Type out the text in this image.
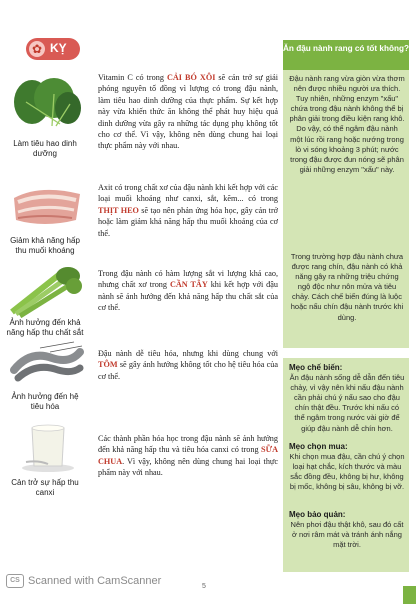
✿ KỴ
Làm tiêu hao dinh dưỡng
Vitamin C có trong CẢI BÓ XÔI sẽ cản trở sự giải phóng nguyên tố đồng vì lượng có trong đậu nành, làm tiêu hao dinh dưỡng của thực phẩm. Sự kết hợp này vừa khiến thức ăn không thể phát huy hiệu quả dinh dưỡng vừa gây ra những tác dụng phụ không tốt cho cơ thể. Vì vậy, không nên dùng chung hai loại thực phẩm này với nhau.
Giảm khả năng hấp thu muối khoáng
Axit có trong chất xơ của đậu nành khi kết hợp với các loại muối khoáng như canxi, sắt, kẽm... có trong THỊT HEO sẽ tạo nên phản ứng hóa học, gây cản trở hoặc làm giảm khả năng hấp thu muối khoáng của cơ thể.
Ảnh hưởng đến khả năng hấp thu chất sắt
Trong đậu nành có hàm lượng sắt vi lượng khá cao, nhưng chất xơ trong CẦN TÂY khi kết hợp với đậu nành sẽ ảnh hưởng đến khả năng hấp thu chất sắt của cơ thể.
Ảnh hưởng đến hệ tiêu hóa
Đậu nành dễ tiêu hóa, nhưng khi dùng chung với TÔM sẽ gây ảnh hưởng không tốt cho hệ tiêu hóa của cơ thể.
Cản trở sự hấp thu canxi
Các thành phần hóa học trong đậu nành sẽ ảnh hưởng đến khả năng hấp thu và tiêu hóa canxi có trong SỮA CHUA. Vì vậy, không nên dùng chung hai loại thực phẩm này với nhau.
Ăn đậu nành rang có tốt không?
Đậu nành rang vừa giòn vừa thơm nên được nhiều người ưa thích. Tuy nhiên, những enzym "xấu" chứa trong đậu nành không thể bị phân giải trong điều kiện rang khô. Do vậy, có thể ngâm đậu nành một lúc rồi rang hoặc nướng trong lò vi sóng khoảng 3 phút; nước trong đậu được đun nóng sẽ phân giải những enzym "xấu" này.
Trong trường hợp đậu nành chưa được rang chín, đậu nành có khả năng gây ra những triệu chứng ngộ độc như nôn mửa và tiêu chảy. Cách chế biến đúng là luộc hoặc nấu chín đậu nành trước khi dùng.
Mẹo chế biến:
Ăn đậu nành sống dễ dẫn đến tiêu chảy, vì vậy nên khi nấu đậu nành cần phải chú ý nấu sao cho đậu chín thật đều. Trước khi nấu có thể ngâm trong nước vài giờ để giúp đậu nành dễ chín hơn.
Mẹo chọn mua:
Khi chọn mua đậu, cần chú ý chọn loại hạt chắc, kích thước và màu sắc đồng đều, không bị hư, không bị mốc, không bị sâu, không bị vỡ.
Mẹo bảo quản:
Nên phơi đậu thật khô, sau đó cất ở nơi râm mát và tránh ánh nắng mặt trời.
CS Scanned with CamScanner	5
